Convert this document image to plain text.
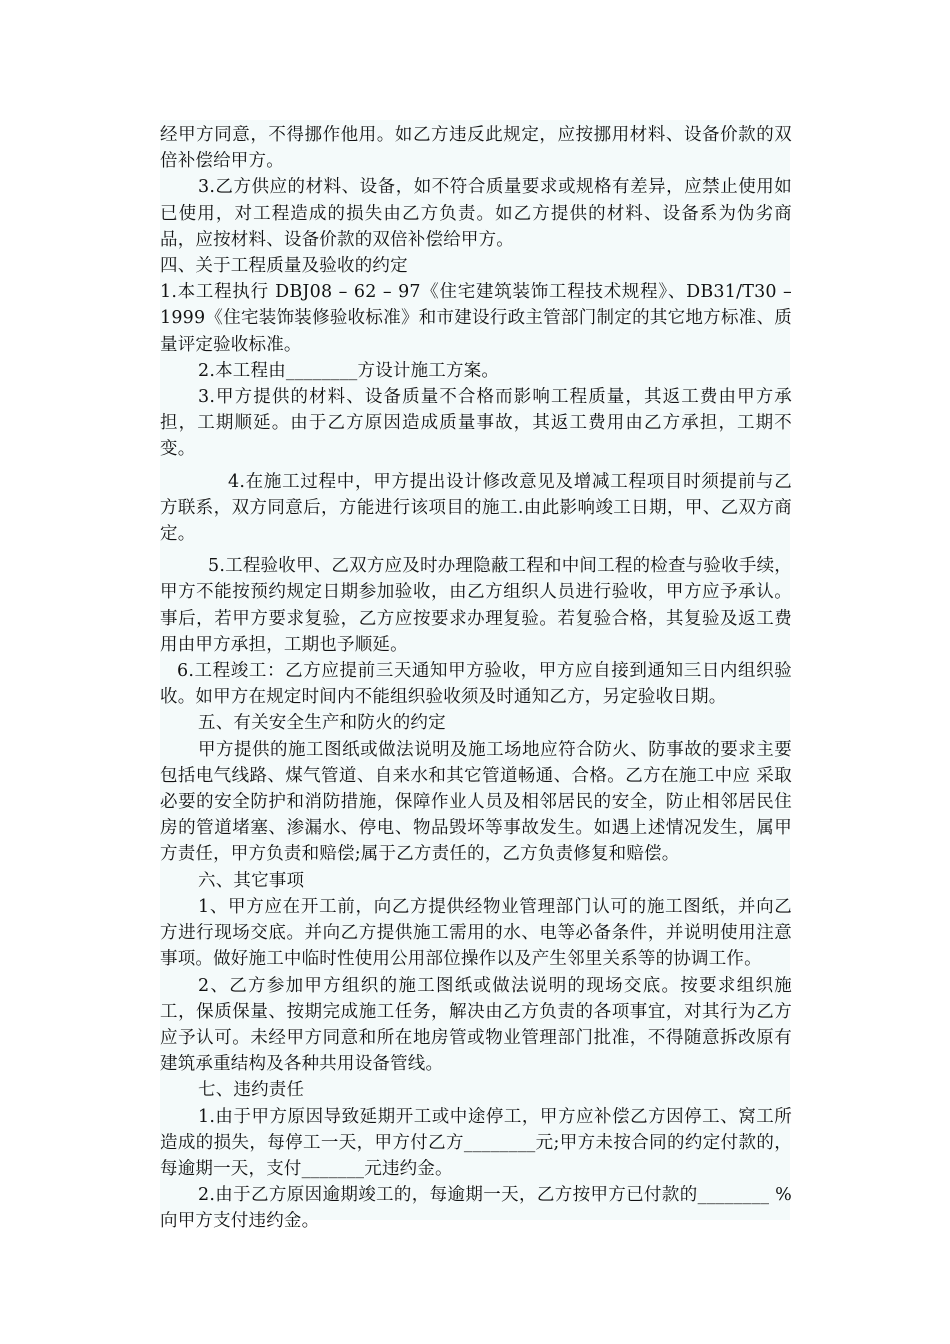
经甲方同意，不得挪作他用。如乙方违反此规定，应按挪用材料、设备价款的双倍补偿给甲方。

3.乙方供应的材料、设备，如不符合质量要求或规格有差异，应禁止使用如已使用，对工程造成的损失由乙方负责。如乙方提供的材料、设备系为伪劣商品，应按材料、设备价款的双倍补偿给甲方。

四、关于工程质量及验收的约定

1.本工程执行 DBJ08 – 62 – 97《住宅建筑装饰工程技术规程》、DB31/T30 –1999《住宅装饰装修验收标准》和市建设行政主管部门制定的其它地方标准、质量评定验收标准。

2.本工程由________方设计施工方案。

3.甲方提供的材料、设备质量不合格而影响工程质量，其返工费由甲方承担，工期顺延。由于乙方原因造成质量事故，其返工费用由乙方承担，工期不变。

4.在施工过程中，甲方提出设计修改意见及增减工程项目时须提前与乙方联系，双方同意后，方能进行该项目的施工.由此影响竣工日期，甲、乙双方商定。

5.工程验收甲、乙双方应及时办理隐蔽工程和中间工程的检查与验收手续，甲方不能按预约规定日期参加验收，由乙方组织人员进行验收，甲方应予承认。事后，若甲方要求复验，乙方应按要求办理复验。若复验合格，其复验及返工费用由甲方承担，工期也予顺延。

6.工程竣工：乙方应提前三天通知甲方验收，甲方应自接到通知三日内组织验收。如甲方在规定时间内不能组织验收须及时通知乙方，另定验收日期。

五、有关安全生产和防火的约定

甲方提供的施工图纸或做法说明及施工场地应符合防火、防事故的要求主要包括电气线路、煤气管道、自来水和其它管道畅通、合格。乙方在施工中应 采取必要的安全防护和消防措施，保障作业人员及相邻居民的安全，防止相邻居民住房的管道堵塞、渗漏水、停电、物品毁坏等事故发生。如遇上述情况发生，属甲方责任，甲方负责和赔偿;属于乙方责任的，乙方负责修复和赔偿。

六、其它事项

1、甲方应在开工前，向乙方提供经物业管理部门认可的施工图纸，并向乙方进行现场交底。并向乙方提供施工需用的水、电等必备条件，并说明使用注意事项。做好施工中临时性使用公用部位操作以及产生邻里关系等的协调工作。

2、乙方参加甲方组织的施工图纸或做法说明的现场交底。按要求组织施工，保质保量、按期完成施工任务，解决由乙方负责的各项事宜，对其行为乙方应予认可。未经甲方同意和所在地房管或物业管理部门批准，不得随意拆改原有建筑承重结构及各种共用设备管线。

七、违约责任

1.由于甲方原因导致延期开工或中途停工，甲方应补偿乙方因停工、窝工所造成的损失，每停工一天，甲方付乙方________元;甲方未按合同的约定付款的，每逾期一天，支付_______元违约金。

2.由于乙方原因逾期竣工的，每逾期一天，乙方按甲方已付款的________ %向甲方支付违约金。
